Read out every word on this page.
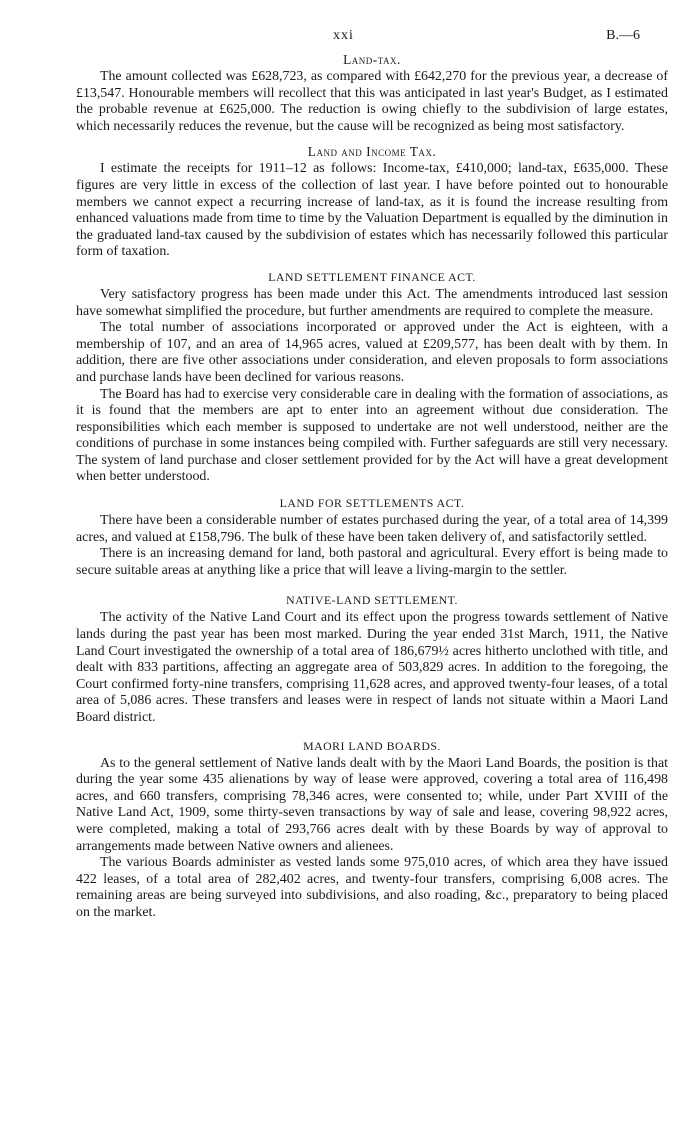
xxi	B.—6
Land-tax.

The amount collected was £628,723, as compared with £642,270 for the previous year, a decrease of £13,547. Honourable members will recollect that this was anticipated in last year's Budget, as I estimated the probable revenue at £625,000. The reduction is owing chiefly to the subdivision of large estates, which necessarily reduces the revenue, but the cause will be recognized as being most satisfactory.

Land and Income Tax.

I estimate the receipts for 1911–12 as follows: Income-tax, £410,000; land-tax, £635,000. These figures are very little in excess of the collection of last year. I have before pointed out to honourable members we cannot expect a recurring increase of land-tax, as it is found the increase resulting from enhanced valuations made from time to time by the Valuation Department is equalled by the diminution in the graduated land-tax caused by the subdivision of estates which has necessarily followed this particular form of taxation.

LAND SETTLEMENT FINANCE ACT.

Very satisfactory progress has been made under this Act. The amendments introduced last session have somewhat simplified the procedure, but further amendments are required to complete the measure.

The total number of associations incorporated or approved under the Act is eighteen, with a membership of 107, and an area of 14,965 acres, valued at £209,577, has been dealt with by them. In addition, there are five other associations under consideration, and eleven proposals to form associations and purchase lands have been declined for various reasons.

The Board has had to exercise very considerable care in dealing with the formation of associations, as it is found that the members are apt to enter into an agreement without due consideration. The responsibilities which each member is supposed to undertake are not well understood, neither are the conditions of purchase in some instances being compiled with. Further safeguards are still very necessary. The system of land purchase and closer settlement provided for by the Act will have a great development when better understood.

LAND FOR SETTLEMENTS ACT.

There have been a considerable number of estates purchased during the year, of a total area of 14,399 acres, and valued at £158,796. The bulk of these have been taken delivery of, and satisfactorily settled.

There is an increasing demand for land, both pastoral and agricultural. Every effort is being made to secure suitable areas at anything like a price that will leave a living-margin to the settler.

NATIVE-LAND SETTLEMENT.

The activity of the Native Land Court and its effect upon the progress towards settlement of Native lands during the past year has been most marked. During the year ended 31st March, 1911, the Native Land Court investigated the ownership of a total area of 186,679½ acres hitherto unclothed with title, and dealt with 833 partitions, affecting an aggregate area of 503,829 acres. In addition to the foregoing, the Court confirmed forty-nine transfers, comprising 11,628 acres, and approved twenty-four leases, of a total area of 5,086 acres. These transfers and leases were in respect of lands not situate within a Maori Land Board district.

MAORI LAND BOARDS.

As to the general settlement of Native lands dealt with by the Maori Land Boards, the position is that during the year some 435 alienations by way of lease were approved, covering a total area of 116,498 acres, and 660 transfers, comprising 78,346 acres, were consented to; while, under Part XVIII of the Native Land Act, 1909, some thirty-seven transactions by way of sale and lease, covering 98,922 acres, were completed, making a total of 293,766 acres dealt with by these Boards by way of approval to arrangements made between Native owners and alienees.

The various Boards administer as vested lands some 975,010 acres, of which area they have issued 422 leases, of a total area of 282,402 acres, and twenty-four transfers, comprising 6,008 acres. The remaining areas are being surveyed into subdivisions, and also roading, &c., preparatory to being placed on the market.
